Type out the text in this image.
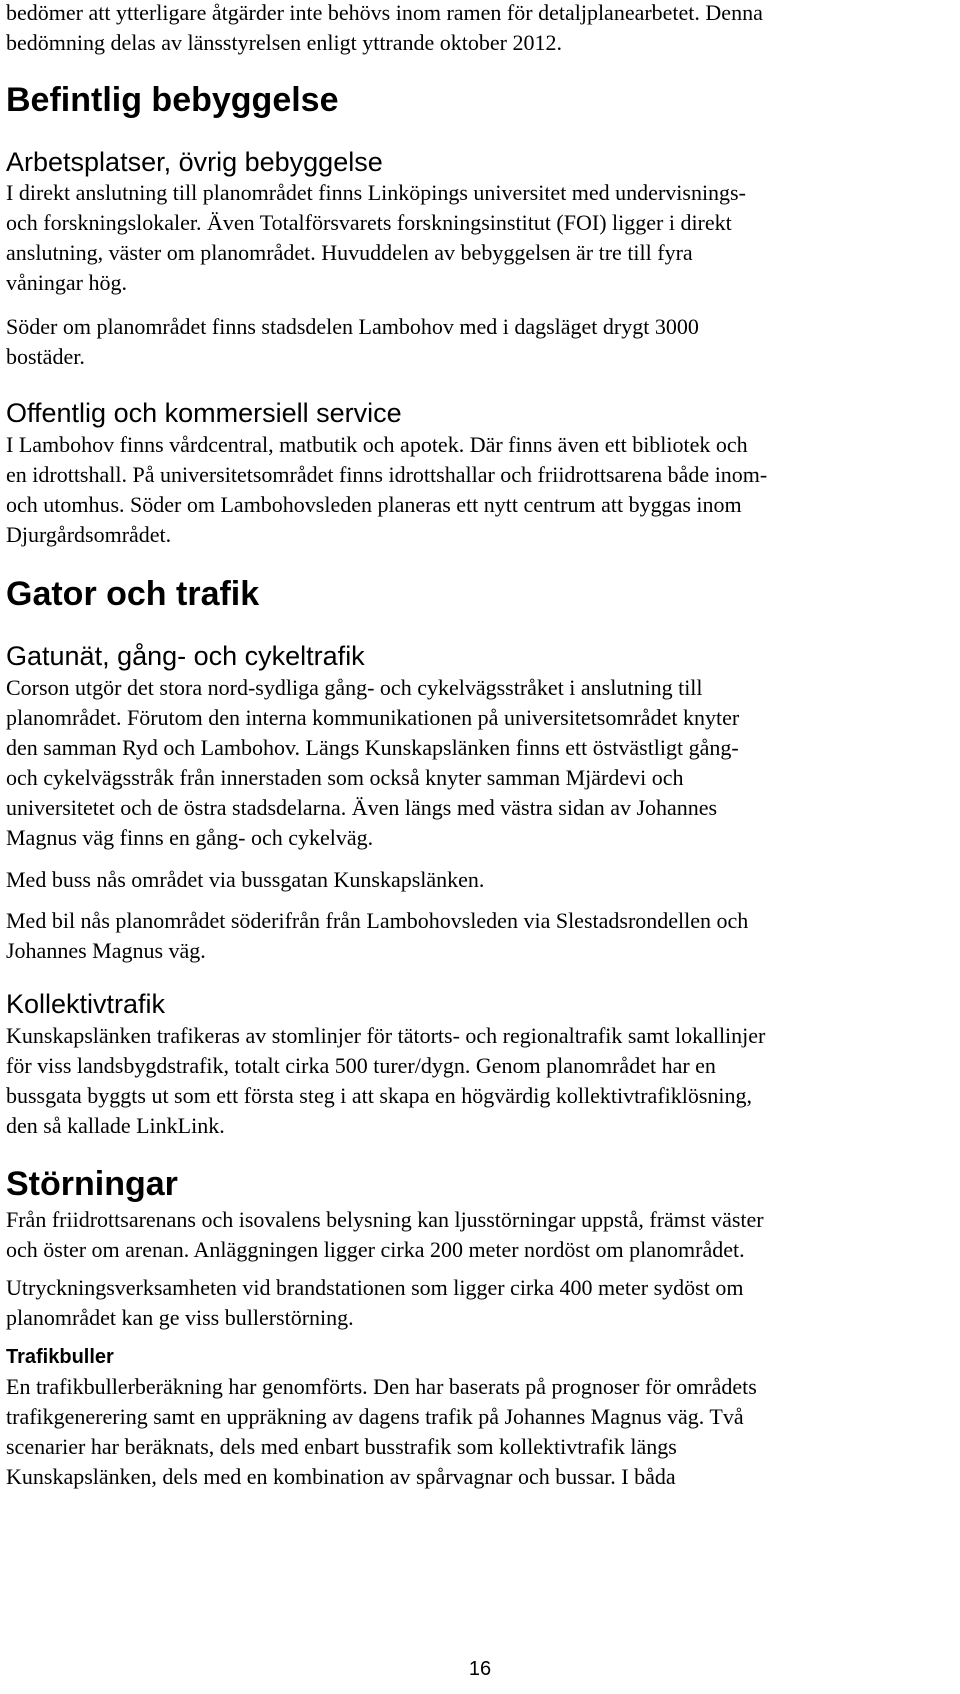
bedömer att ytterligare åtgärder inte behövs inom ramen för detaljplanearbetet. Denna
bedömning delas av länsstyrelsen enligt yttrande oktober 2012.

Befintlig bebyggelse
Arbetsplatser, övrig bebyggelse

I direkt anslutning till planområdet finns Linköpings universitet med undervisnings-
och forskningslokaler. Även Totalförsvarets forskningsinstitut (FOI) ligger i direkt
anslutning, väster om planområdet. Huvuddelen av bebyggelsen är tre till fyra
våningar hög.

Söder om planområdet finns stadsdelen Lambohov med i dagsläget drygt 3000
bostäder.

Offentlig och kommersiell service

I Lambohov finns vårdcentral, matbutik och apotek. Där finns även ett bibliotek och
en idrottshall. På universitetsområdet finns idrottshallar och friidrottsarena både inom-
och utomhus. Söder om Lambohovsleden planeras ett nytt centrum att byggas inom
Djurgårdsområdet.

Gator och trafik
Gatunät, gång- och cykeltrafik

Corson utgör det stora nord-sydliga gång- och cykelvägsstråket i anslutning till
planområdet. Förutom den interna kommunikationen på universitetsområdet knyter
den samman Ryd och Lambohov. Längs Kunskapslänken finns ett östvästligt gång-
och cykelvägsstråk från innerstaden som också knyter samman Mjärdevi och
universitetet och de östra stadsdelarna. Även längs med västra sidan av Johannes
Magnus väg finns en gång- och cykelväg.

Med buss nås området via bussgatan Kunskapslänken.

Med bil nås planområdet söderifrån från Lambohovsleden via Slestadsrondellen och
Johannes Magnus väg.

Kollektivtrafik

Kunskapslänken trafikeras av stomlinjer för tätorts- och regionaltrafik samt lokallinjer
för viss landsbygdstrafik, totalt cirka 500 turer/dygn. Genom planområdet har en
bussgata byggts ut som ett första steg i att skapa en högvärdig kollektivtrafiklösning,
den så kallade LinkLink.

Störningar

Från friidrottsarenans och isovalens belysning kan ljusstörningar uppstå, främst väster
och öster om arenan. Anläggningen ligger cirka 200 meter nordöst om planområdet.

Utryckningsverksamheten vid brandstationen som ligger cirka 400 meter sydöst om
planområdet kan ge viss bullerstörning.

Trafikbuller

En trafikbullerberäkning har genomförts. Den har baserats på prognoser för områdets
trafikgenerering samt en uppräkning av dagens trafik på Johannes Magnus väg. Två
scenarier har beräknats, dels med enbart busstrafik som kollektivtrafik längs
Kunskapslänken, dels med en kombination av spårvagnar och bussar. I båda

16
